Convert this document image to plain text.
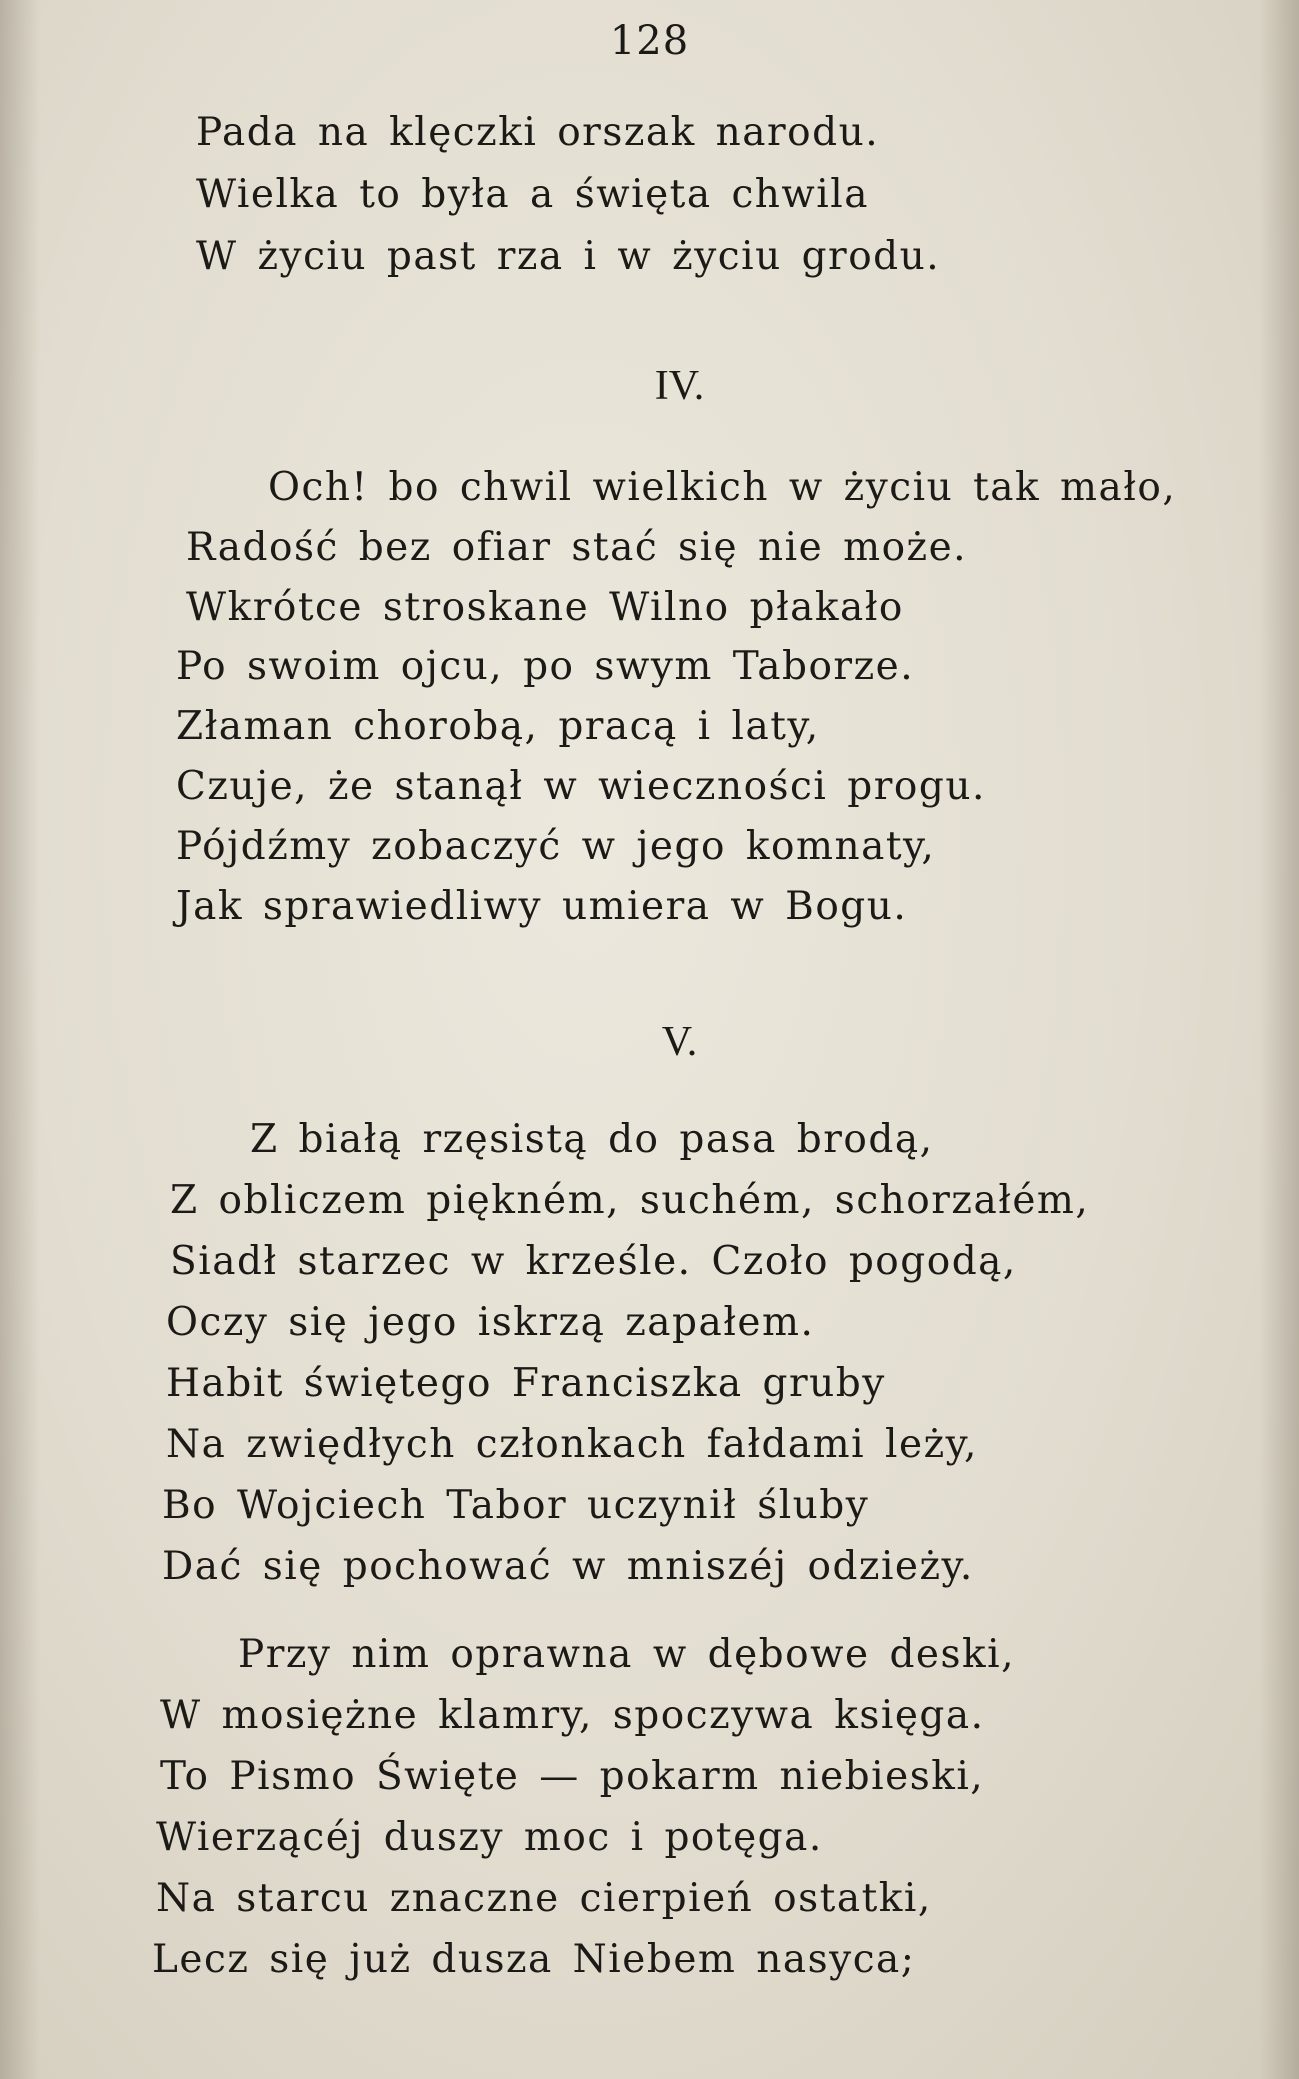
128
Pada na klęczki orszak narodu.
Wielka to była a święta chwila
W życiu past rza i w życiu grodu.
IV.
Och! bo chwil wielkich w życiu tak mało,
Radość bez ofiar stać się nie może.
Wkrótce stroskane Wilno płakało
Po swoim ojcu, po swym Taborze.
Złaman chorobą, pracą i laty,
Czuje, że stanął w wieczności progu.
Pójdźmy zobaczyć w jego komnaty,
Jak sprawiedliwy umiera w Bogu.
V.
Z białą rzęsistą do pasa brodą,
Z obliczem piękném, suchém, schorzałém,
Siadł starzec w krześle. Czoło pogodą,
Oczy się jego iskrzą zapałem.
Habit świętego Franciszka gruby
Na zwiędłych członkach fałdami leży,
Bo Wojciech Tabor uczynił śluby
Dać się pochować w mniszéj odzieży.
Przy nim oprawna w dębowe deski,
W mosiężne klamry, spoczywa księga.
To Pismo Święte — pokarm niebieski,
Wierzącéj duszy moc i potęga.
Na starcu znaczne cierpień ostatki,
Lecz się już dusza Niebem nasyca;
